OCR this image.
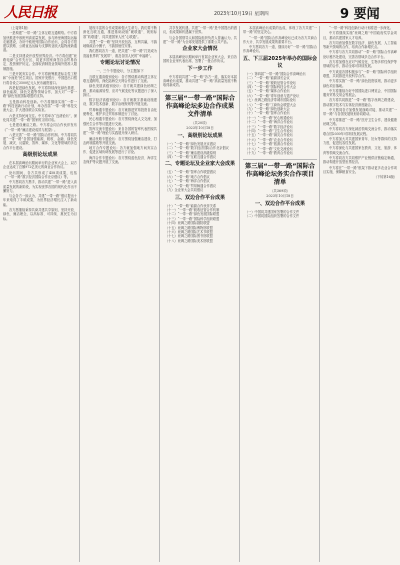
人民日报	2023年10月19日 星期四	9 要闻

（上接第1版）

一是构建“一带一路”立体互联互通网络。中方将加快推进中欧班列高质量发展，参与跨里海国际运输走廊建设，办好中欧班列国际合作论坛，会同各方搭建以铁路、公路直达运输为支撑的亚欧大陆物流新通道。

二是支持建设开放型世界经济。中方将创建“丝路电商”合作先行区，同更多国家商签自由贸易协定、投资保护协定。全面取消制造业领域外资准入限制措施。

三是开展务实合作。中方将统筹推进标志性工程和“小而美”民生项目。国家开发银行、中国进出口银行将各设立3500亿元人民币融资窗口。

四是促进绿色发展。中方将持续深化绿色基建、绿色能源、绿色交通等领域合作，加大对“一带一路”绿色发展国际联盟的支持。

五是推动科技创新。中方将继续实施“一带一路”科技创新行动计划，举办首届“一带一路”科技交流大会，扩大建设联合实验室。

六是支持民间交往。中方将举办“良渚论坛”，深化同共建“一带一路”国家的文明对话。

七是建设廉洁之路。中方将会同合作伙伴发布《“一带一路”廉洁建设成效与展望》。

八是完善“一带一路”国际合作机制。中方将同共建“一带一路”各国加强能源、税收、金融、绿色发展、减灾、反腐败、智库、媒体、文化等领域的多边合作平台建设。

高级别论坛成果

在本届高峰论坛期间举行的企业家大会上，双方企业达成了总额972亿美元的商业合作协议。

论坛期间，各方共形成了458项成果，包括《“一带一路”数字经济国际合作北京倡议》等。

中方愿同各方携手，推动共建“一带一路”进入高质量发展的新阶段，为实现世界各国的现代化作出不懈努力。

与会各方一致认为，共建“一带一路”倡议提出十年来取得了丰硕成果，为世界经济增长注入了新动能。

各方愿继续秉持共商共建共享原则，坚持开放、绿色、廉洁理念，以高标准、可持续、惠民生为目标。

展现丰富的合作成果和强大生命力。我们要不断深化互联互通，推进基础设施“硬联通”、规则标准“软联通”、同共建国家人民“心联通”。

共建“一带一路”坚持开放包容、互利共赢，不搞地缘政治小圈子，不搞排他性安排。

我们愿同各方一道，把共建“一带一路”打造成为造福世界的“发展带”、惠及各国人民的“幸福路”。

专题论坛讨论情况
一、三个专题论坛，分主题如下

互联互通高级别论坛：各方围绕推动构建立体互联互通网络，深化陆海空天网合作进行了交流。

绿色发展高级别论坛：各方就共建绿色丝绸之路、推动能源转型、应对气候变化等议题进行了深入探讨。

数字经济高级别论坛：各方就数字基础设施建设、数字技术创新、数字治理规则等开展交流。

贸易畅通专题论坛：各方就推进贸易投资自由化便利化、维护多边贸易体制进行了讨论。

民心相通专题论坛：各方围绕深化人文交流、加强民生合作等议题进行交流。

智库交流专题论坛：来自各国的智库代表围绕共建“一带一路”理论与实践展开深入研讨。

廉洁丝路专题论坛：各方围绕加强廉洁建设、打击跨境腐败等开展交流。

地方合作专题论坛：各方就加强地方间务实合作、促进区域协调发展等进行了讨论。

海洋合作专题论坛：各方围绕蓝色经济、海洋生态保护等议题开展了交流。

共享发展机遇。共建“一带一路”是中国提出的倡议，但成果和机遇属于世界。

与会各国领导人和国际组织负责人普遍认为，共建“一带一路”为全球发展提供了重要公共产品。

企业家大会情况

本届高峰论坛期间举行首届企业家大会，来自各国的企业家代表出席，签署了一批合作协议。

下一步工作

中方将同共建“一带一路”各方一道，落实好本届高峰论坛成果，推动共建“一带一路”高质量发展不断取得新成效。

第三届“一带一路”国际合作高峰论坛多边合作成果文件清单
（共20项）
2023年10月18日
一、高级别论坛成果
（一）“一带一路”绿色发展北京倡议
（二）“一带一路”数字经济国际合作北京倡议
（三）“一带一路”廉洁建设高级原则
（四）“一带一路”互联互通合作倡议
二、专题论坛及企业家大会成果
（五）“一带一路”智库合作联盟倡议
（六）“一带一路”地方合作倡议
（七）“一带一路”海洋合作倡议
（八）“一带一路”贸易畅通合作倡议
（九）企业家大会共同倡议
三、双边合作平台成果
（十）“一带一路”能源合作伙伴关系
（十一）“一带一路”税收征管合作机制
（十二）“一带一路”绿色发展国际联盟
（十三）“一带一路”国际科学组织联盟
（十四）丝绸之路国际剧院联盟
（十五）丝绸之路国际博物馆联盟
（十六）丝绸之路国际艺术节联盟
（十七）丝绸之路国际图书馆联盟
（十八）丝绸之路国际美术馆联盟

本届高峰论坛成果的达成，体现了各方共建“一带一路”的坚定决心。

“一带一路”国际合作高峰论坛已成为各方共商合作大计、共享发展成果的重要平台。

中方愿同各方一道，继续办好“一带一路”国际合作高峰论坛。

五、下三届2025年举办的国际会议
（一）第四届“一带一路”国际合作高峰论坛
（二）“一带一路”能源部长会议
（三）“一带一路”税收征管合作论坛
（四）“一带一路”国际科技合作大会
（五）“一带一路”媒体合作论坛
（六）“一带一路”青年创意与遗产论坛
（七）丝绸之路经济带城市国际论坛
（八）“一带一路”工商协会联盟大会
（九）“一带一路”绿色创新大会
（十）“一带一路”智库合作论坛
（十一）“一带一路”民心相通论坛
（十二）“一带一路”海洋合作论坛
（十三）“一带一路”数字经济论坛
（十四）“一带一路”卫生合作论坛
（十五）“一带一路”减灾合作论坛
（十六）“一带一路”农业合作论坛
（十七）“一带一路”旅游合作论坛
（十八）“一带一路”文化交流论坛
（十九）“一带一路”教育合作论坛
第三届“一带一路”国际合作高峰论坛务实合作项目清单
（共369项）
2023年10月18日
一、双边合作平台成果
（一）中国同共建国家签署的合作文件
（二）中国同国际组织签署的合作文件

“一带一路”科技创新行动计划将进一步深化。

中方将继续实施“丝绸之路”中国政府奖学金项目，推动共建国家人才培养。

各方同意加强在数字经济、绿色发展、人工智能等新兴领域的合作，培育合作新增长点。

中方将与各方共同推动“一带一路”国际合作高峰论坛秘书处建设，完善各领域多边合作平台。

各方将加强在应对气候变化、生物多样性保护等领域的合作，推动全球可持续发展。

中方欢迎各国积极参与“一带一路”国际科学组织联盟，共同推进开放科学合作。

中方将实施“一带一路”绿色投资原则，推动更多绿色项目落地。

中方将继续办好中国国际进口博览会、中国国际服务贸易交易会等展会。

各方将共同推进“一带一路”数字丝绸之路建设，推动数字技术与实体经济深度融合。

中方愿同各方加强发展战略对接，推动共建“一带一路”与各国发展规划协同联动。

中方将推进“一带一路”医疗卫生合作，建设健康丝绸之路。

中方将同各方深化减贫领域交流合作，推动落实联合国2030年可持续发展议程。

中方将加大对共建国家青年、妇女等群体的支持力度，促进包容性发展。

中方将深化与共建国家在教育、文化、旅游、体育等领域交流合作。

中方将同各方共同维护产业链供应链稳定畅通，推动构建开放型世界经济。

中方将在“一带一路”框架下推动更多农业合作项目实施，保障粮食安全。

（下转第16版）
